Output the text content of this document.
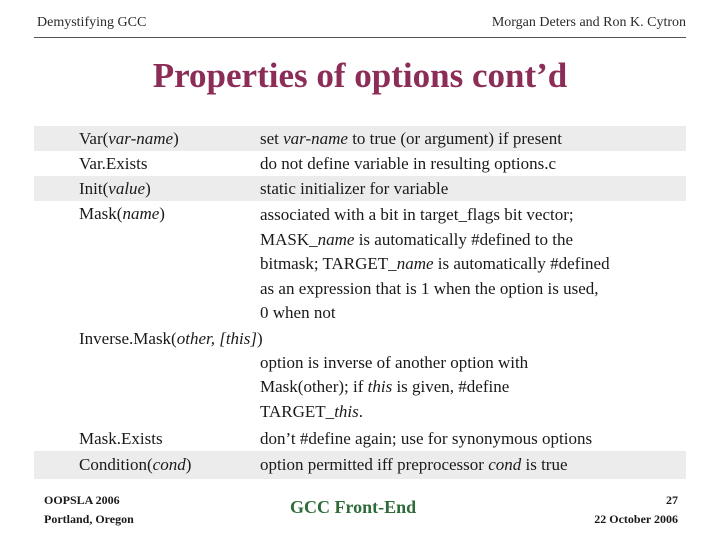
Demystifying GCC	Morgan Deters and Ron K. Cytron
Properties of options cont’d
Var(var-name)	set var-name to true (or argument) if present
Var.Exists	do not define variable in resulting options.c
Init(value)	static initializer for variable
Mask(name)	associated with a bit in target_flags bit vector;
MASK_name is automatically #defined to the
bitmask; TARGET_name is automatically #defined
as an expression that is 1 when the option is used,
0 when not
Inverse.Mask(other, [this])
option is inverse of another option with
Mask(other); if this is given, #define
TARGET_this.
Mask.Exists	don’t #define again; use for synonymous options
Condition(cond)	option permitted iff preprocessor cond is true
OOPSLA 2006
Portland, Oregon
GCC Front-End	27
22 October 2006
